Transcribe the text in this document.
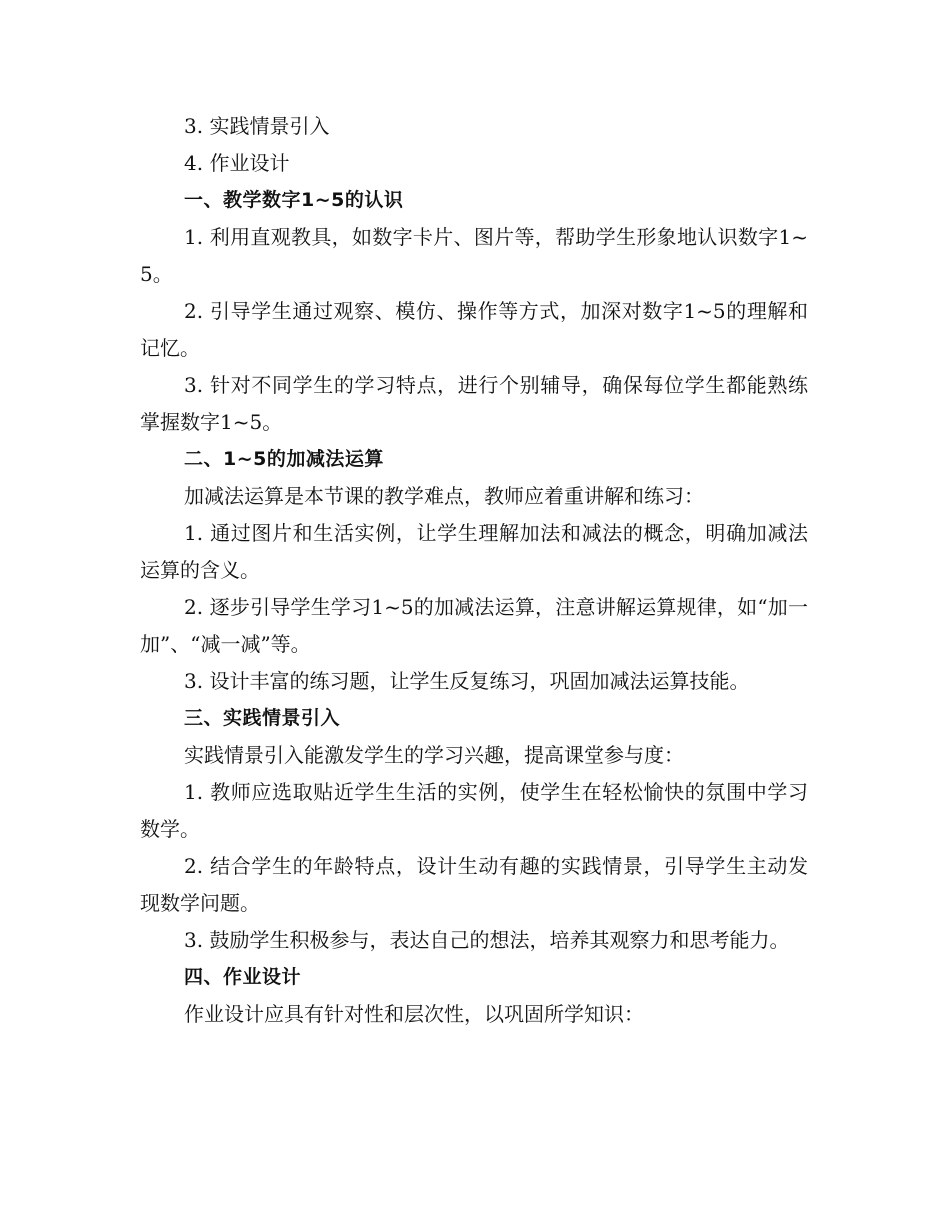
3. 实践情景引入

4. 作业设计

一、教学数字1~5的认识

1. 利用直观教具，如数字卡片、图片等，帮助学生形象地认识数字1~5。

2. 引导学生通过观察、模仿、操作等方式，加深对数字1~5的理解和记忆。

3. 针对不同学生的学习特点，进行个别辅导，确保每位学生都能熟练掌握数字1~5。

二、1~5的加减法运算

加减法运算是本节课的教学难点，教师应着重讲解和练习：

1. 通过图片和生活实例，让学生理解加法和减法的概念，明确加减法运算的含义。

2. 逐步引导学生学习1~5的加减法运算，注意讲解运算规律，如“加一加”、“减一减”等。

3. 设计丰富的练习题，让学生反复练习，巩固加减法运算技能。

三、实践情景引入

实践情景引入能激发学生的学习兴趣，提高课堂参与度：

1. 教师应选取贴近学生生活的实例，使学生在轻松愉快的氛围中学习数学。

2. 结合学生的年龄特点，设计生动有趣的实践情景，引导学生主动发现数学问题。

3. 鼓励学生积极参与，表达自己的想法，培养其观察力和思考能力。

四、作业设计

作业设计应具有针对性和层次性，以巩固所学知识：
